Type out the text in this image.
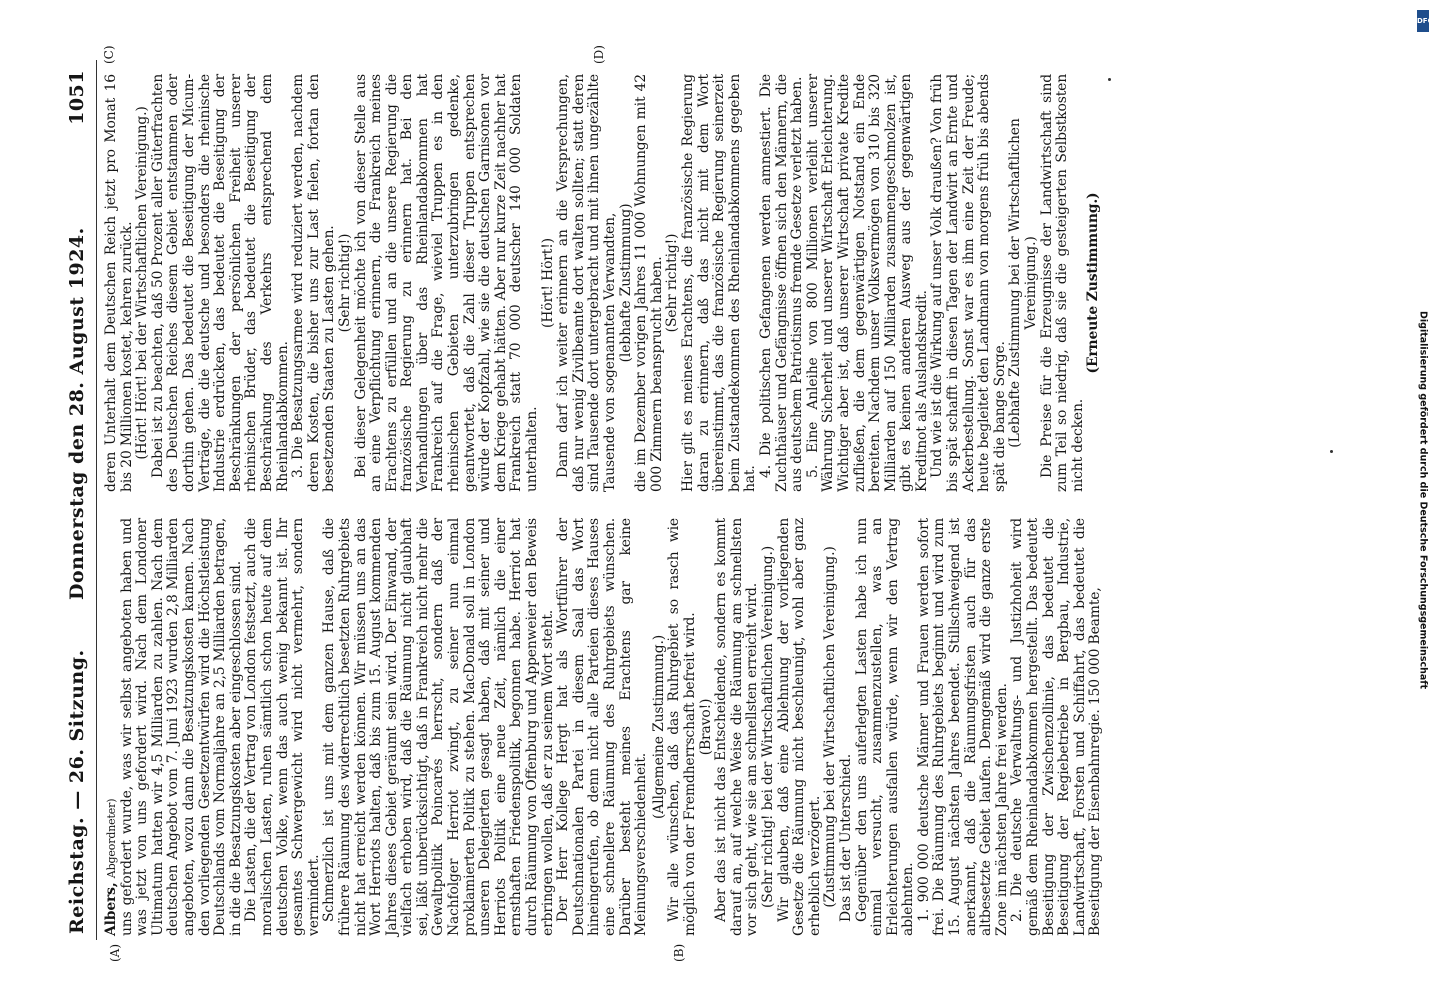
Reichstag. — 26. Sitzung.
Donnerstag den 28. August 1924.
1051
(A)	(B)
(C)	(D)

Albers, Abgeordneter) uns gefordert wurde, was wir selbst angeboten haben und was jetzt von uns gefordert wird. Nach dem Londoner Ultimatum hatten wir 4,5 Milliarden zu zahlen. Nach dem deutschen Angebot vom 7. Juni 1923 wurden 2,8 Milliarden angeboten, wozu dann die Besatzungskosten kamen. Nach den vorliegenden Gesetzentwürfen wird die Höchstleistung Deutschlands vom Normaljahre an 2,5 Milliarden betragen, in die die Besatzungskosten aber eingeschlossen sind. Die Lasten, die der Vertrag von London festsetzt, auch die moralischen Lasten, ruhen sämtlich schon heute auf dem deutschen Volke, wenn das auch wenig bekannt ist. Ihr gesamtes Schwergewicht wird nicht vermehrt, sondern vermindert. Schmerzlich ist uns mit dem ganzen Hause, daß die frühere Räumung des widerrechtlich besetzten Ruhrgebiets nicht hat erreicht werden können. Wir müssen uns an das Wort Herriots halten, daß bis zum 15. August kommenden Jahres dieses Gebiet geräumt sein wird. Der Einwand, der vielfach erhoben wird, daß die Räumung nicht glaubhaft sei, läßt unberücksichtigt, daß in Frankreich nicht mehr die Gewaltpolitik Poincarés herrscht, sondern daß der Nachfolger Herriot zwingt, zu seiner nun einmal proklamierten Politik zu stehen. MacDonald soll in London unseren Delegierten gesagt haben, daß mit seiner und Herriots Politik eine neue Zeit, nämlich die einer ernsthaften Friedenspolitik, begonnen habe. Herriot hat durch Räumung von Offenburg und Appenweier den Beweis erbringen wollen, daß er zu seinem Wort steht. Der Herr Kollege Hergt hat als Wortführer der Deutschnationalen Partei in diesem Saal das Wort hineingerufen, ob denn nicht alle Parteien dieses Hauses eine schnellere Räumung des Ruhrgebiets wünschen. Darüber besteht meines Erachtens gar keine Meinungsverschiedenheit.

(Allgemeine Zustimmung.) Wir alle wünschen, daß das Ruhrgebiet so rasch wie möglich von der Fremdherrschaft befreit wird. (Bravo!) Aber das ist nicht das Entscheidende, sondern es kommt darauf an, auf welche Weise die Räumung am schnellsten vor sich geht, wie sie am schnellsten erreicht wird. (Sehr richtig! bei der Wirtschaftlichen Vereinigung.) Wir glauben, daß eine Ablehnung der vorliegenden Gesetze die Räumung nicht beschleunigt, wohl aber ganz erheblich verzögert. (Zustimmung bei der Wirtschaftlichen Vereinigung.) Das ist der Unterschied. Gegenüber den uns auferlegten Lasten habe ich nun einmal versucht, zusammenzustellen, was an Erleichterungen ausfallen würde, wenn wir den Vertrag ablehnten. 1. 900 000 deutsche Männer und Frauen werden sofort frei. Die Räumung des Ruhrgebiets beginnt und wird zum 15. August nächsten Jahres beendet. Stillschweigend ist anerkannt, daß die Räumungsfristen auch für das altbesetzte Gebiet laufen. Demgemäß wird die ganze erste Zone im nächsten Jahre frei werden. 2. Die deutsche Verwaltungs- und Justizhoheit wird gemäß dem Rheinlandabkommen hergestellt. Das bedeutet Beseitigung der Zwischenzollinie, das bedeutet die Beseitigung der Regiebetriebe in Bergbau, Industrie, Landwirtschaft, Forsten und Schiffahrt, das bedeutet die Beseitigung der Eisenbahnregie. 150 000 Beamte,

deren Unterhalt dem Deutschen Reich jetzt pro Monat 16 bis 20 Millionen kostet, kehren zurück. (Hört! Hört! bei der Wirtschaftlichen Vereinigung.) Dabei ist zu beachten, daß 50 Prozent aller Güterfrachten des Deutschen Reiches diesem Gebiet entstammen oder dorthin gehen. Das bedeutet die Beseitigung der Micum-Verträge, die die deutsche und besonders die rheinische Industrie erdrücken, das bedeutet die Beseitigung der Beschränkungen der persönlichen Freiheit unserer rheinischen Brüder, das bedeutet die Beseitigung der Beschränkung des Verkehrs entsprechend dem Rheinlandabkommen. 3. Die Besatzungsarmee wird reduziert werden, nachdem deren Kosten, die bisher uns zur Last fielen, fortan den besetzenden Staaten zu Lasten gehen. (Sehr richtig!) Bei dieser Gelegenheit möchte ich von dieser Stelle aus an eine Verpflichtung erinnern, die Frankreich meines Erachtens zu erfüllen und an die unsere Regierung die französische Regierung zu erinnern hat. Bei den Verhandlungen über das Rheinlandabkommen hat Frankreich auf die Frage, wieviel Truppen es in den rheinischen Gebieten unterzubringen gedenke, geantwortet, daß die Zahl dieser Truppen entsprechen würde der Kopfzahl, wie sie die deutschen Garnisonen vor dem Kriege gehabt hätten. Aber nur kurze Zeit nachher hat Frankreich statt 70 000 deutscher 140 000 Soldaten unterhalten.

(Hört! Hört!) Dann darf ich weiter erinnern an die Versprechungen, daß nur wenig Zivilbeamte dort walten sollten; statt deren sind Tausende dort untergebracht und mit ihnen ungezählte Tausende von sogenannten Verwandten, (lebhafte Zustimmung) die im Dezember vorigen Jahres 11 000 Wohnungen mit 42 000 Zimmern beansprucht haben. (Sehr richtig!) Hier gilt es meines Erachtens, die französische Regierung daran zu erinnern, daß das nicht mit dem Wort übereinstimmt, das die französische Regierung seinerzeit beim Zustandekommen des Rheinlandabkommens gegeben hat.

4. Die politischen Gefangenen werden amnestiert. Die Zuchthäuser und Gefängnisse öffnen sich den Männern, die aus deutschem Patriotismus fremde Gesetze verletzt haben. 5. Eine Anleihe von 800 Millionen verleiht unserer Währung Sicherheit und unserer Wirtschaft Erleichterung. Wichtiger aber ist, daß unserer Wirtschaft private Kredite zufließen, die dem gegenwärtigen Notstand ein Ende bereiten. Nachdem unser Volksvermögen von 310 bis 320 Milliarden auf 150 Milliarden zusammengeschmolzen ist, gibt es keinen anderen Ausweg aus der gegenwärtigen Kreditnot als Auslandskredit. Und wie ist die Wirkung auf unser Volk draußen? Von früh bis spät schafft in diesen Tagen der Landwirt an Ernte und Ackerbestellung. Sonst war es ihm eine Zeit der Freude; heute begleitet den Landmann von morgens früh bis abends spät die bange Sorge. (Lebhafte Zustimmung bei der Wirtschaftlichen Vereinigung.) Die Preise für die Erzeugnisse der Landwirtschaft sind zum Teil so niedrig, daß sie die gesteigerten Selbstkosten nicht decken.

(Erneute Zustimmung.)

DFG
Digitalisierung gefördert durch die Deutsche Forschungsgemeinschaft
